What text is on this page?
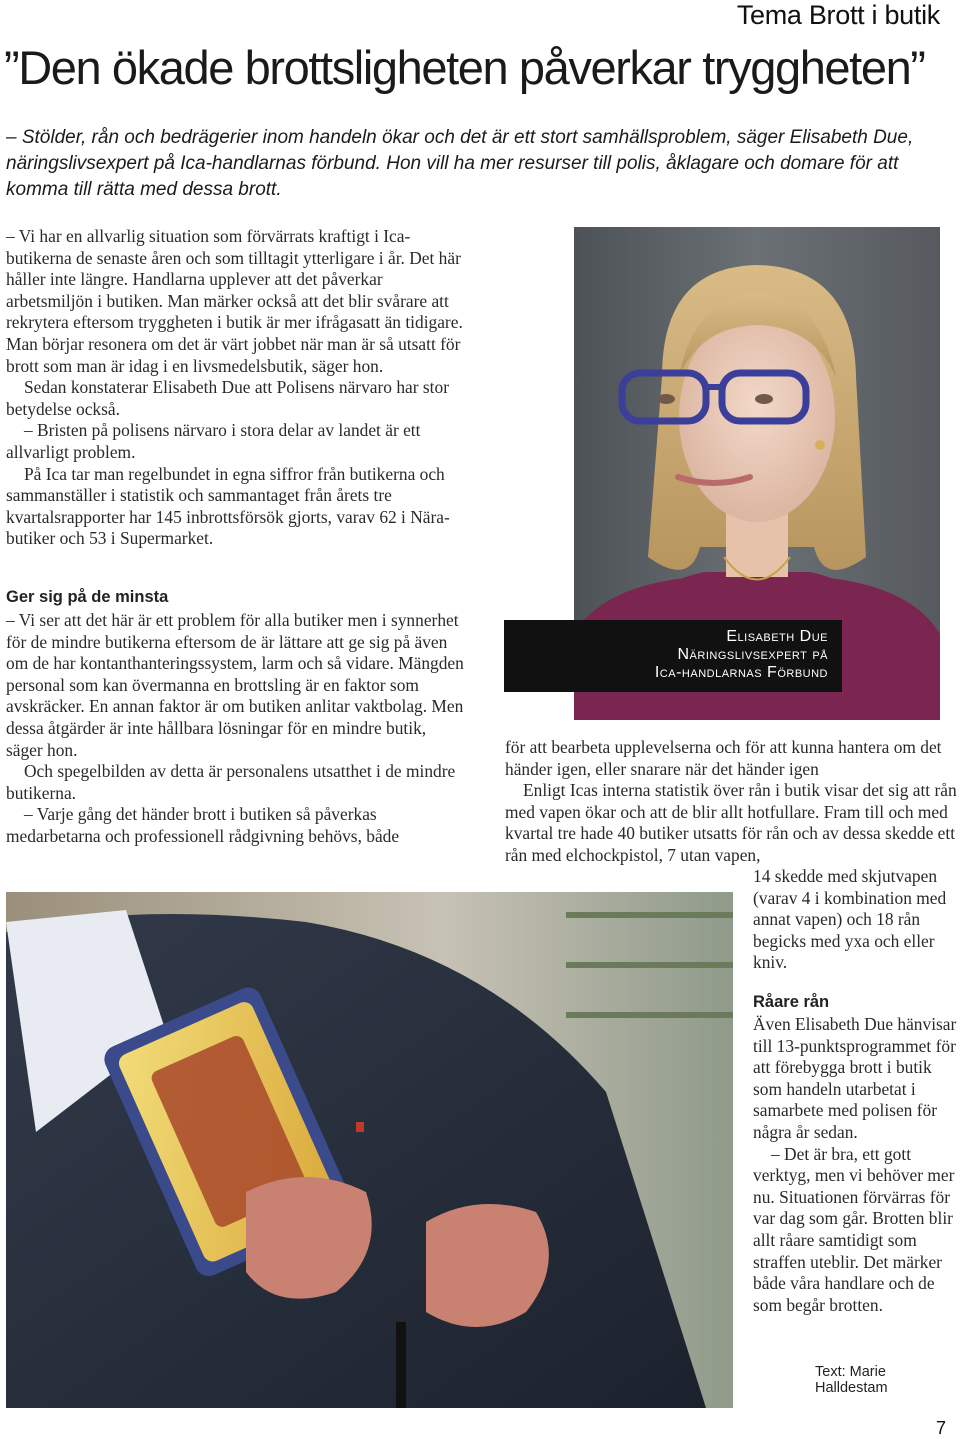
Tema Brott i butik
”Den ökade brottsligheten påverkar tryggheten”
– Stölder, rån och bedrägerier inom handeln ökar och det är ett stort samhällsproblem, säger Elisabeth Due, näringslivsexpert på Ica-handlarnas förbund. Hon vill ha mer resurser till polis, åklagare och domare för att komma till rätta med dessa brott.

– Vi har en allvarlig situation som förvärrats kraftigt i Ica-butikerna de senaste åren och som tilltagit ytterligare i år. Det här håller inte längre. Handlarna upplever att det påverkar arbetsmiljön i butiken. Man märker också att det blir svårare att rekrytera eftersom tryggheten i butik är mer ifrågasatt än tidigare. Man börjar resonera om det är värt jobbet när man är så utsatt för brott som man är idag i en livsmedelsbutik, säger hon.

Sedan konstaterar Elisabeth Due att Polisens närvaro har stor betydelse också.

– Bristen på polisens närvaro i stora delar av landet är ett allvarligt problem.

På Ica tar man regelbundet in egna siffror från butikerna och sammanställer i statistik och sammantaget från årets tre kvartalsrapporter har 145 inbrottsförsök gjorts, varav 62 i Nära-butiker och 53 i Supermarket.

Ger sig på de minsta

– Vi ser att det här är ett problem för alla butiker men i synnerhet för de mindre butikerna eftersom de är lättare att ge sig på även om de har kontanthanteringssystem, larm och så vidare. Mängden personal som kan övermanna en brottsling är en faktor som avskräcker. En annan faktor är om butiken anlitar vaktbolag. Men dessa åtgärder är inte hållbara lösningar för en mindre butik, säger hon.

Och spegelbilden av detta är personalens utsatthet i de mindre butikerna.

– Varje gång det händer brott i butiken så påverkas medarbetarna och professionell rådgivning behövs, både

Elisabeth Due
Näringslivsexpert på
Ica-handlarnas Förbund

för att bearbeta upplevelserna och för att kunna hantera om det händer igen, eller snarare när det händer igen

Enligt Icas interna statistik över rån i butik visar det sig att rån med vapen ökar och att de blir allt hotfullare. Fram till och med kvartal tre hade 40 butiker utsatts för rån och av dessa skedde ett rån med elchockpistol, 7 utan vapen,

14 skedde med skjutvapen (varav 4 i kombination med annat vapen) och 18 rån begicks med yxa och eller kniv.

Råare rån

Även Elisabeth Due hänvisar till 13-punktsprogrammet för att förebygga brott i butik som handeln utarbetat i samarbete med polisen för några år sedan.

– Det är bra, ett gott verktyg, men vi behöver mer nu. Situationen förvärras för var dag som går. Brotten blir allt råare samtidigt som straffen uteblir. Det märker både våra handlare och de som begår brotten.

Text: Marie Halldestam
7
